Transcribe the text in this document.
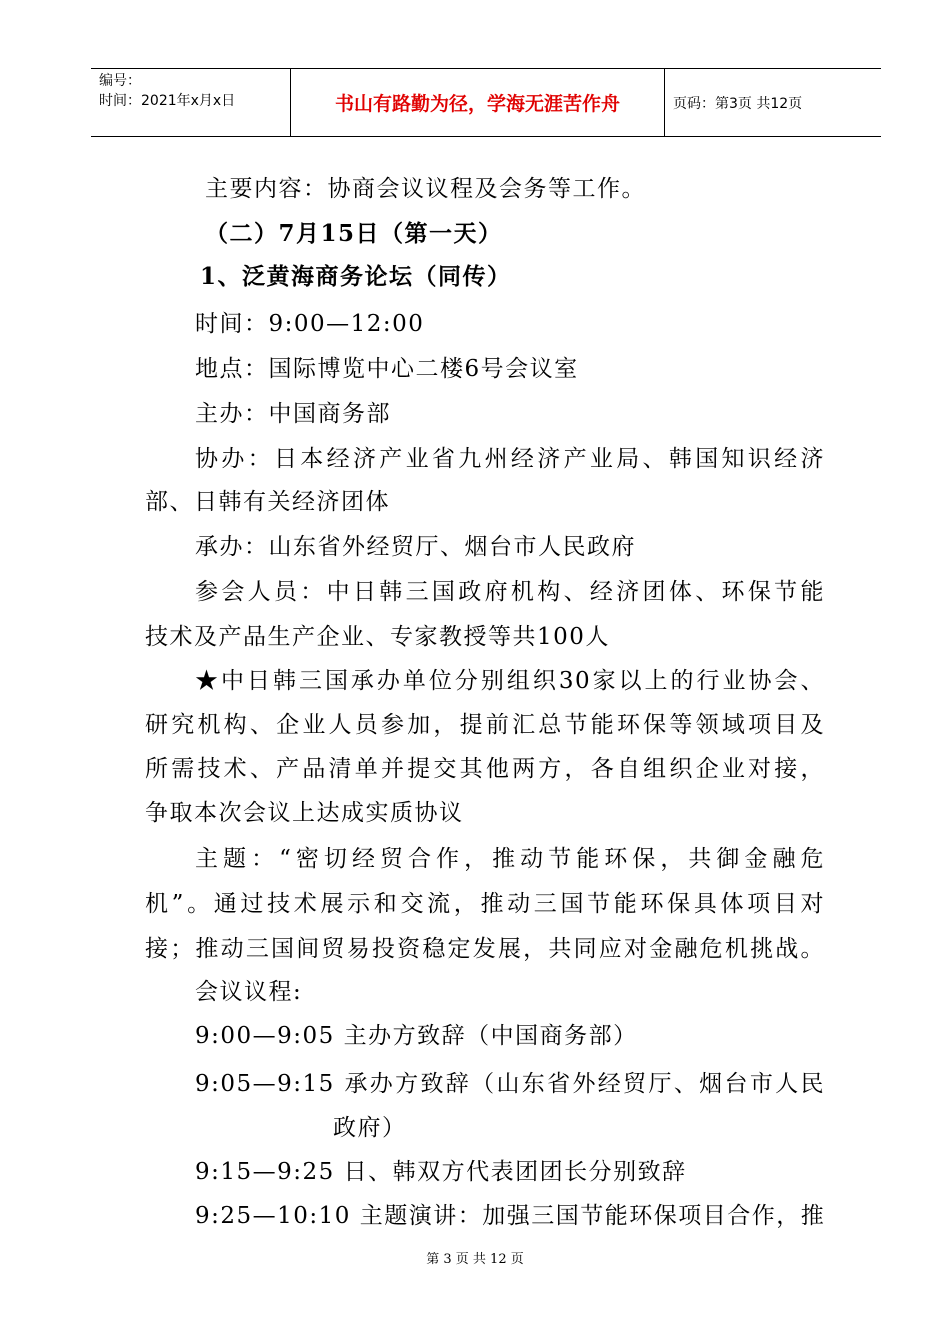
编号：
时间：2021年x月x日	书山有路勤为径，学海无涯苦作舟	页码：第3页 共12页
主要内容：协商会议议程及会务等工作。
（二）7月15日（第一天）
1、泛黄海商务论坛（同传）
时间：9:00—12:00
地点：国际博览中心二楼6号会议室
主办：中国商务部
协办：日本经济产业省九州经济产业局、韩国知识经济
部、日韩有关经济团体
承办：山东省外经贸厅、烟台市人民政府
参会人员：中日韩三国政府机构、经济团体、环保节能
技术及产品生产企业、专家教授等共100人
★中日韩三国承办单位分别组织30家以上的行业协会、
研究机构、企业人员参加，提前汇总节能环保等领域项目及
所需技术、产品清单并提交其他两方，各自组织企业对接，
争取本次会议上达成实质协议
主题：“密切经贸合作，推动节能环保，共御金融危
机”。通过技术展示和交流，推动三国节能环保具体项目对
接；推动三国间贸易投资稳定发展，共同应对金融危机挑战。
会议议程:
9:00—9:05 主办方致辞（中国商务部）
9:05—9:15 承办方致辞（山东省外经贸厅、烟台市人民
政府）
9:15—9:25 日、韩双方代表团团长分别致辞
9:25—10:10 主题演讲：加强三国节能环保项目合作，推
第 3 页 共 12 页
